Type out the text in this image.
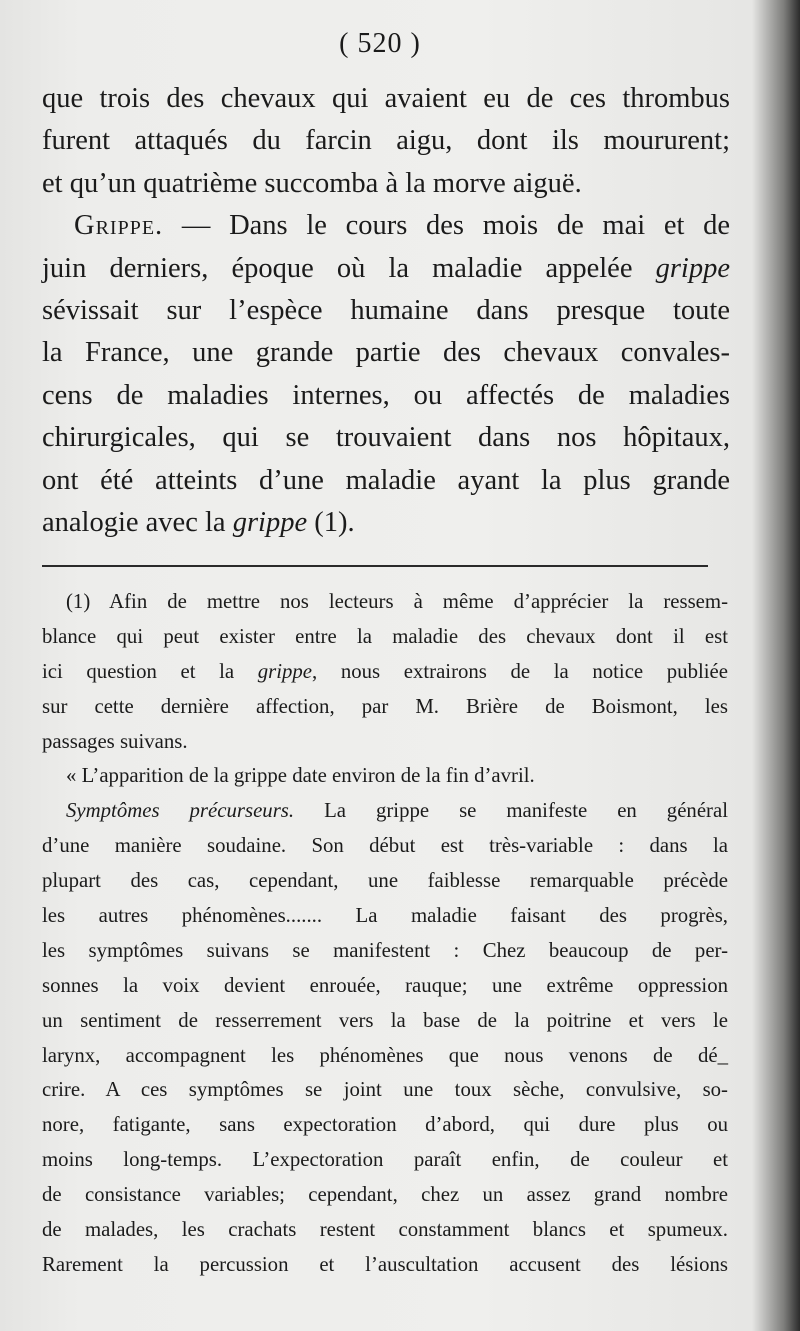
( 520 )
que trois des chevaux qui avaient eu de ces thrombus
furent attaqués du farcin aigu, dont ils moururent;
et qu’un quatrième succomba à la morve aiguë.
Grippe. — Dans le cours des mois de mai et de
juin derniers, époque où la maladie appelée grippe
sévissait sur l’espèce humaine dans presque toute
la France, une grande partie des chevaux convales-
cens de maladies internes, ou affectés de maladies
chirurgicales, qui se trouvaient dans nos hôpitaux,
ont été atteints d’une maladie ayant la plus grande
analogie avec la grippe (1).
(1) Afin de mettre nos lecteurs à même d’apprécier la ressem-
blance qui peut exister entre la maladie des chevaux dont il est
ici question et la grippe, nous extrairons de la notice publiée
sur cette dernière affection, par M. Brière de Boismont, les
passages suivans.
« L’apparition de la grippe date environ de la fin d’avril.
Symptômes précurseurs. La grippe se manifeste en général
d’une manière soudaine. Son début est très-variable : dans la
plupart des cas, cependant, une faiblesse remarquable précède
les autres phénomènes....... La maladie faisant des progrès,
les symptômes suivans se manifestent : Chez beaucoup de per-
sonnes la voix devient enrouée, rauque; une extrême oppression
un sentiment de resserrement vers la base de la poitrine et vers le
larynx, accompagnent les phénomènes que nous venons de dé_
crire. A ces symptômes se joint une toux sèche, convulsive, so-
nore, fatigante, sans expectoration d’abord, qui dure plus ou
moins long-temps. L’expectoration paraît enfin, de couleur et
de consistance variables; cependant, chez un assez grand nombre
de malades, les crachats restent constamment blancs et spumeux.
Rarement la percussion et l’auscultation accusent des lésions
